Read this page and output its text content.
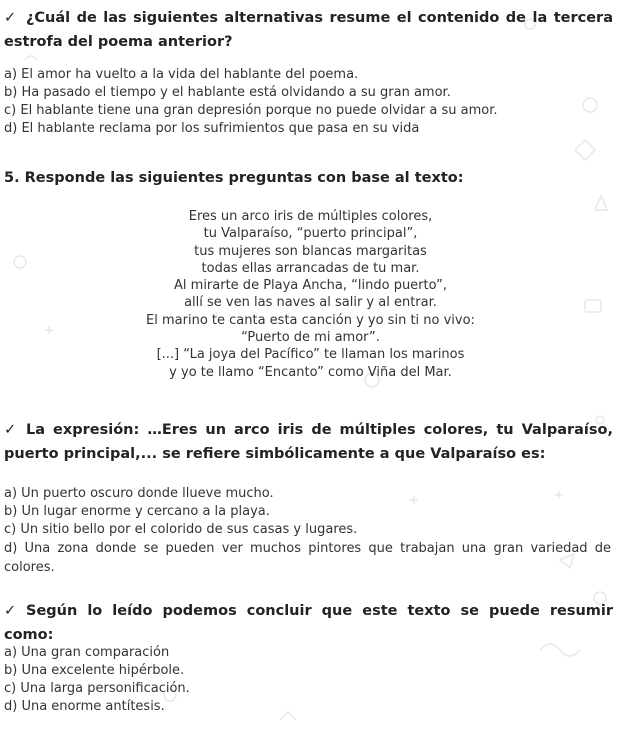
✓ ¿Cuál de las siguientes alternativas resume el contenido de la tercera estrofa del poema anterior?
a) El amor ha vuelto a la vida del hablante del poema.
b) Ha pasado el tiempo y el hablante está olvidando a su gran amor.
c) El hablante tiene una gran depresión porque no puede olvidar a su amor.
d) El hablante reclama por los sufrimientos que pasa en su vida
5. Responde las siguientes preguntas con base al texto:
Eres un arco iris de múltiples colores,
tu Valparaíso, “puerto principal”,
tus mujeres son blancas margaritas
todas ellas arrancadas de tu mar.
Al mirarte de Playa Ancha, “lindo puerto”,
allí se ven las naves al salir y al entrar.
El marino te canta esta canción y yo sin ti no vivo:
“Puerto de mi amor”.
[...] “La joya del Pacífico” te llaman los marinos
y yo te llamo “Encanto” como Viña del Mar.
✓ La expresión: …Eres un arco iris de múltiples colores, tu Valparaíso, puerto principal,... se refiere simbólicamente a que Valparaíso es:
a) Un puerto oscuro donde llueve mucho.
b) Un lugar enorme y cercano a la playa.
c) Un sitio bello por el colorido de sus casas y lugares.
d) Una zona donde se pueden ver muchos pintores que trabajan una gran variedad de colores.
✓ Según lo leído podemos concluir que este texto se puede resumir como:
a) Una gran comparación
b) Una excelente hipérbole.
c) Una larga personificación.
d) Una enorme antítesis.
